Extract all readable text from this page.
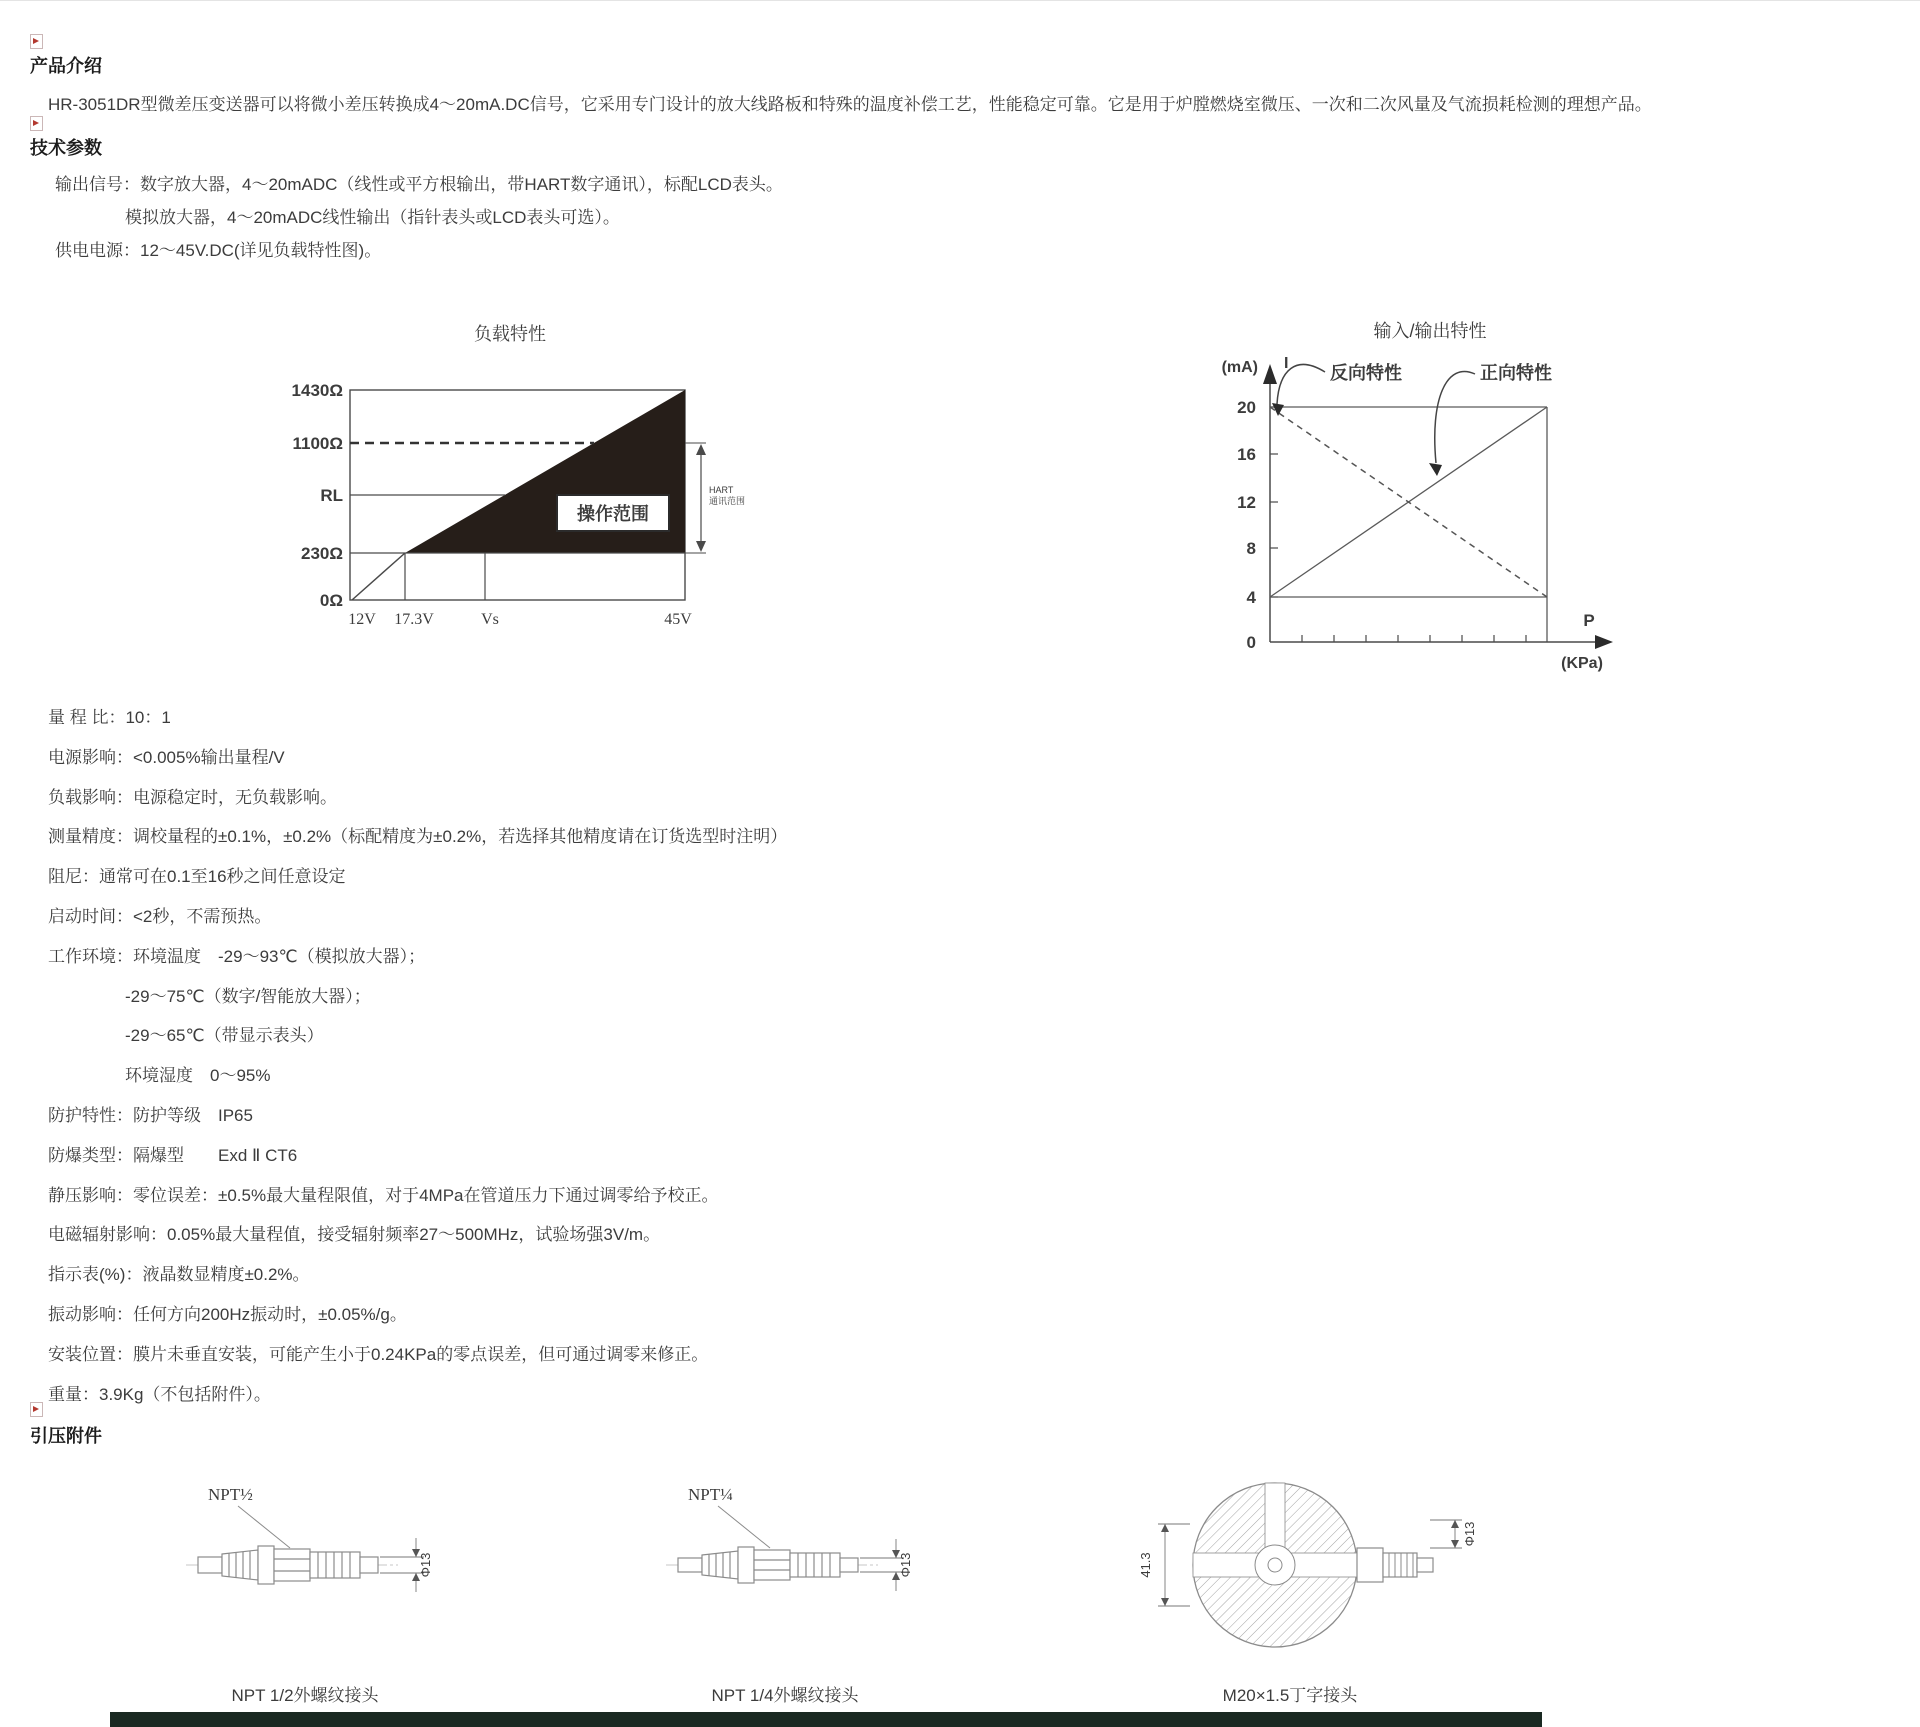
产品介绍
HR-3051DR型微差压变送器可以将微小差压转换成4～20mA.DC信号，它采用专门设计的放大线路板和特殊的温度补偿工艺，性能稳定可靠。它是用于炉膛燃烧室微压、一次和二次风量及气流损耗检测的理想产品。
技术参数
输出信号：数字放大器，4～20mADC（线性或平方根输出，带HART数字通讯），标配LCD表头。
模拟放大器，4～20mADC线性输出（指针表头或LCD表头可选）。
供电电源：12～45V.DC(详见负载特性图)。
负载特性
操作范围
HART
通讯范围
1430Ω
1100Ω
RL
230Ω
0Ω
12V 17.3V	Vs	45V
输入/输出特性
(mA) I
20
16
12
8
4
0
P
(KPa)
反向特性	正向特性
量 程 比：10：1
电源影响：<0.005%输出量程/V
负载影响：电源稳定时，无负载影响。
测量精度：调校量程的±0.1%，±0.2%（标配精度为±0.2%，若选择其他精度请在订货选型时注明）
阻尼：通常可在0.1至16秒之间任意设定
启动时间：<2秒，不需预热。
工作环境：环境温度　-29～93℃（模拟放大器）；
-29～75℃（数字/智能放大器）；
-29～65℃（带显示表头）
环境湿度　0～95%
防护特性：防护等级　IP65
防爆类型：隔爆型　　Exd Ⅱ CT6
静压影响：零位误差：±0.5%最大量程限值，对于4MPa在管道压力下通过调零给予校正。
电磁辐射影响：0.05%最大量程值，接受辐射频率27～500MHz，试验场强3V/m。
指示表(%)：液晶数显精度±0.2%。
振动影响：任何方向200Hz振动时，±0.05%/g。
安装位置：膜片未垂直安装，可能产生小于0.24KPa的零点误差，但可通过调零来修正。
重量：3.9Kg（不包括附件）。
引压附件
NPT½
Φ13
NPT 1/2外螺纹接头
NPT¼
Φ13
NPT 1/4外螺纹接头
41.3
Φ13
M20×1.5丁字接头
